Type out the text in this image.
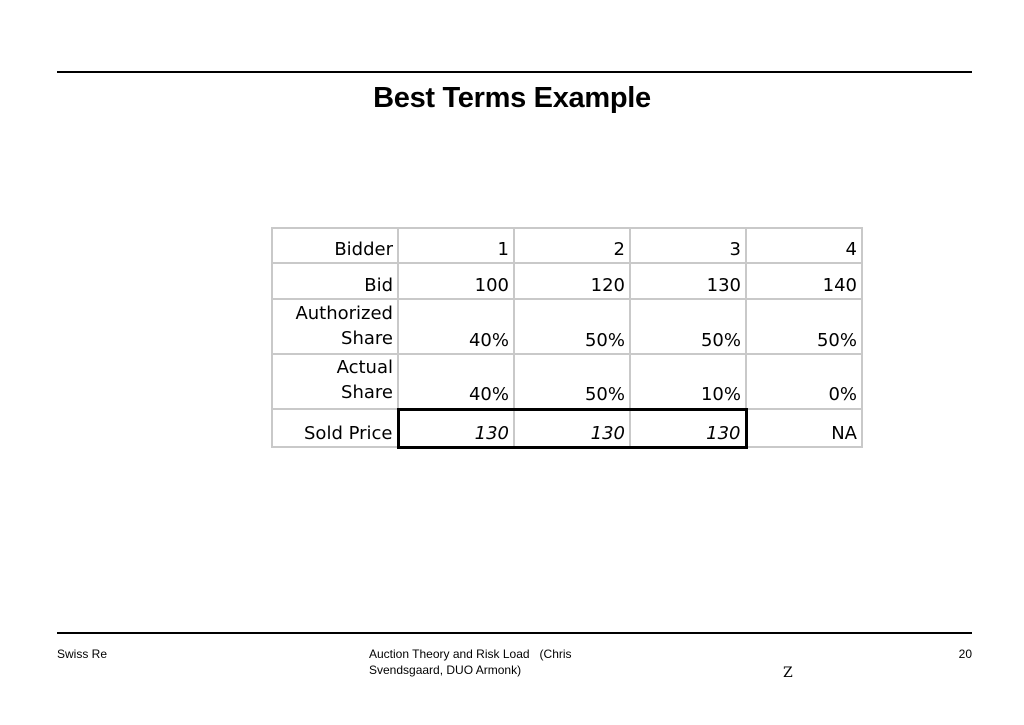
Best Terms Example
Bidder	1	2	3	4
Bid	100	120	130	140

Authorized
Share	40%	50%	50%	50%

Actual
Share	40%	50%	10%	0%
Sold Price	130	130	130	NA
Swiss Re	Auction Theory and Risk Load   (Chris
Svendsgaard, DUO Armonk)
20
Z
